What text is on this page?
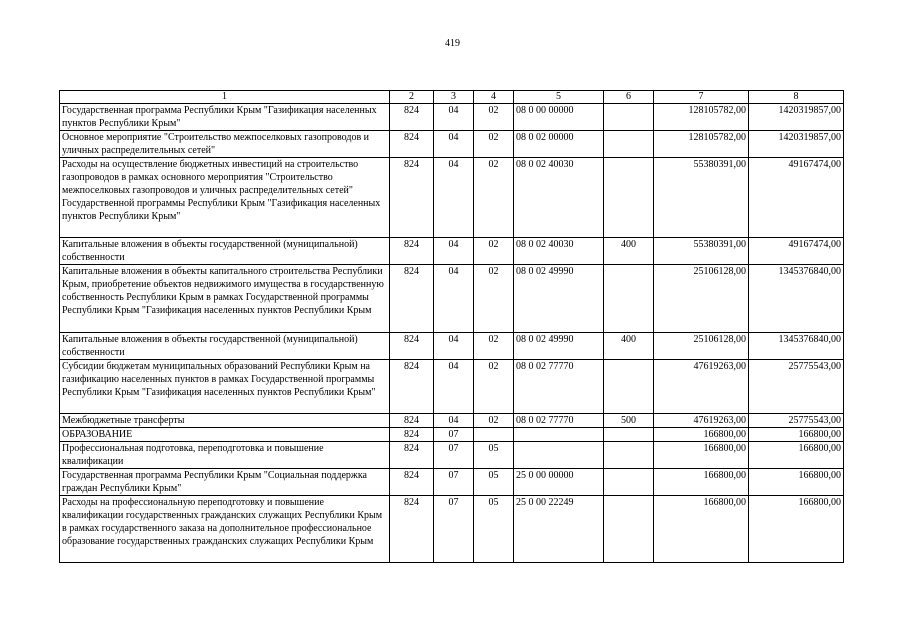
419
1	2	3	4	5	6	7	8
Государственная программа Республики Крым "Газификация населенных пунктов Республики Крым"	824	04	02	08 0 00 00000		128105782,00	1420319857,00
Основное мероприятие "Строительство межпоселковых газопроводов и уличных распределительных сетей"	824	04	02	08 0 02 00000		128105782,00	1420319857,00
Расходы на осуществление бюджетных инвестиций на строительство газопроводов в рамках основного мероприятия "Строительство межпоселковых газопроводов и уличных распределительных сетей" Государственной программы Республики Крым "Газификация населенных пунктов Республики Крым"	824	04	02	08 0 02 40030		55380391,00	49167474,00
Капитальные вложения в объекты государственной (муниципальной) собственности	824	04	02	08 0 02 40030	400	55380391,00	49167474,00
Капитальные вложения в объекты капитального строительства Республики Крым, приобретение объектов недвижимого имущества в государственную собственность Республики Крым в рамках Государственной программы Республики Крым "Газификация населенных пунктов Республики Крым	824	04	02	08 0 02 49990		25106128,00	1345376840,00
Капитальные вложения в объекты государственной (муниципальной) собственности	824	04	02	08 0 02 49990	400	25106128,00	1345376840,00
Субсидии бюджетам муниципальных образований Республики Крым на газификацию населенных пунктов в рамках Государственной программы Республики Крым "Газификация населенных пунктов Республики Крым"	824	04	02	08 0 02 77770		47619263,00	25775543,00
Межбюджетные трансферты	824	04	02	08 0 02 77770	500	47619263,00	25775543,00
ОБРАЗОВАНИЕ	824	07				166800,00	166800,00
Профессиональная подготовка, переподготовка и повышение квалификации	824	07	05			166800,00	166800,00
Государственная программа Республики Крым "Социальная поддержка граждан Республики Крым"	824	07	05	25 0 00 00000		166800,00	166800,00
Расходы на профессиональную переподготовку и повышение квалификации государственных гражданских служащих Республики Крым в рамках государственного заказа на дополнительное профессиональное образование государственных гражданских служащих Республики Крым	824	07	05	25 0 00 22249		166800,00	166800,00
